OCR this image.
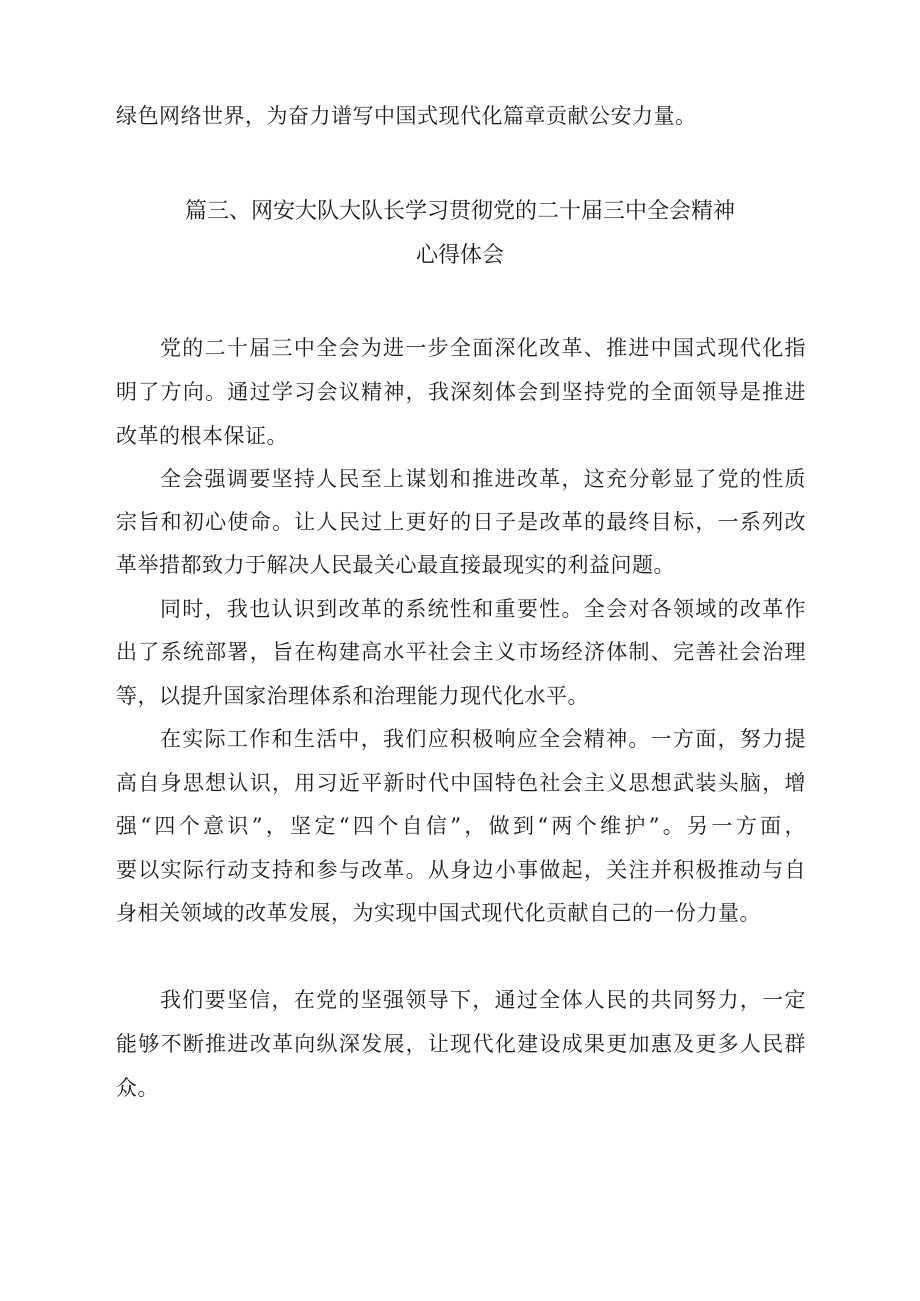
绿色网络世界，为奋力谱写中国式现代化篇章贡献公安力量。
篇三、网安大队大队长学习贯彻党的二十届三中全会精神
心得体会
党的二十届三中全会为进一步全面深化改革、推进中国式现代化指
明了方向。通过学习会议精神，我深刻体会到坚持党的全面领导是推进
改革的根本保证。
全会强调要坚持人民至上谋划和推进改革，这充分彰显了党的性质
宗旨和初心使命。让人民过上更好的日子是改革的最终目标，一系列改
革举措都致力于解决人民最关心最直接最现实的利益问题。
同时，我也认识到改革的系统性和重要性。全会对各领域的改革作
出了系统部署，旨在构建高水平社会主义市场经济体制、完善社会治理
等，以提升国家治理体系和治理能力现代化水平。
在实际工作和生活中，我们应积极响应全会精神。一方面，努力提
高自身思想认识，用习近平新时代中国特色社会主义思想武装头脑，增
强“四个意识”，坚定“四个自信”，做到“两个维护”。另一方面，
要以实际行动支持和参与改革。从身边小事做起，关注并积极推动与自
身相关领域的改革发展，为实现中国式现代化贡献自己的一份力量。
我们要坚信，在党的坚强领导下，通过全体人民的共同努力，一定
能够不断推进改革向纵深发展，让现代化建设成果更加惠及更多人民群
众。
